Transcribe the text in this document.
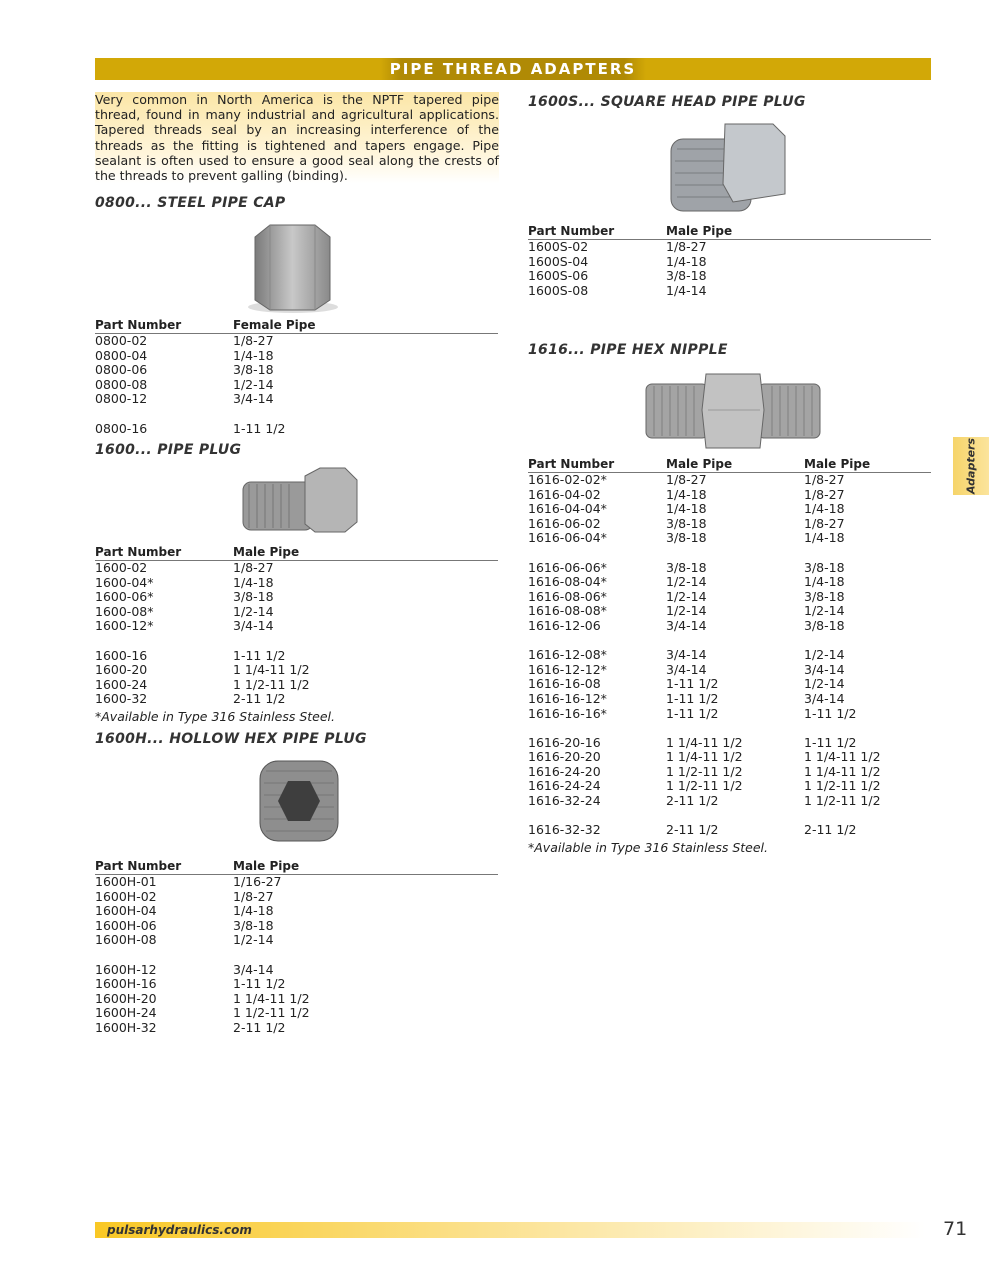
PIPE THREAD ADAPTERS
Very common in North America is the NPTF tapered pipe thread, found in many industrial and agricultural applications. Tapered threads seal by an increasing interference of the threads as the fitting is tightened and tapers engage. Pipe sealant is often used to ensure a good seal along the crests of the threads to prevent galling (binding).
0800... STEEL PIPE CAP
Part Number	Female Pipe
0800-02	1/8-27
0800-04	1/4-18
0800-06	3/8-18
0800-08	1/2-14
0800-12	3/4-14

0800-16	1-11 1/2
1600... PIPE PLUG
Part Number	Male Pipe
1600-02	1/8-27
1600-04*	1/4-18
1600-06*	3/8-18
1600-08*	1/2-14
1600-12*	3/4-14

1600-16	1-11 1/2
1600-20	1 1/4-11 1/2
1600-24	1 1/2-11 1/2
1600-32	2-11 1/2
*Available in Type 316 Stainless Steel.
1600H... HOLLOW HEX PIPE PLUG
Part Number	Male Pipe
1600H-01	1/16-27
1600H-02	1/8-27
1600H-04	1/4-18
1600H-06	3/8-18
1600H-08	1/2-14

1600H-12	3/4-14
1600H-16	1-11 1/2
1600H-20	1 1/4-11 1/2
1600H-24	1 1/2-11 1/2
1600H-32	2-11 1/2
1600S... SQUARE HEAD PIPE PLUG
Part Number	Male Pipe
1600S-02	1/8-27
1600S-04	1/4-18
1600S-06	3/8-18
1600S-08	1/4-14
1616... PIPE HEX NIPPLE
Part Number	Male Pipe	Male Pipe
1616-02-02*	1/8-27	1/8-27
1616-04-02	1/4-18	1/8-27
1616-04-04*	1/4-18	1/4-18
1616-06-02	3/8-18	1/8-27
1616-06-04*	3/8-18	1/4-18

1616-06-06*	3/8-18	3/8-18
1616-08-04*	1/2-14	1/4-18
1616-08-06*	1/2-14	3/8-18
1616-08-08*	1/2-14	1/2-14
1616-12-06	3/4-14	3/8-18

1616-12-08*	3/4-14	1/2-14
1616-12-12*	3/4-14	3/4-14
1616-16-08	1-11 1/2	1/2-14
1616-16-12*	1-11 1/2	3/4-14
1616-16-16*	1-11 1/2	1-11 1/2

1616-20-16	1 1/4-11 1/2	1-11 1/2
1616-20-20	1 1/4-11 1/2	1 1/4-11 1/2
1616-24-20	1 1/2-11 1/2	1 1/4-11 1/2
1616-24-24	1 1/2-11 1/2	1 1/2-11 1/2
1616-32-24	2-11 1/2	1 1/2-11 1/2

1616-32-32	2-11 1/2	2-11 1/2
*Available in Type 316 Stainless Steel.
Adapters
pulsarhydraulics.com	71
